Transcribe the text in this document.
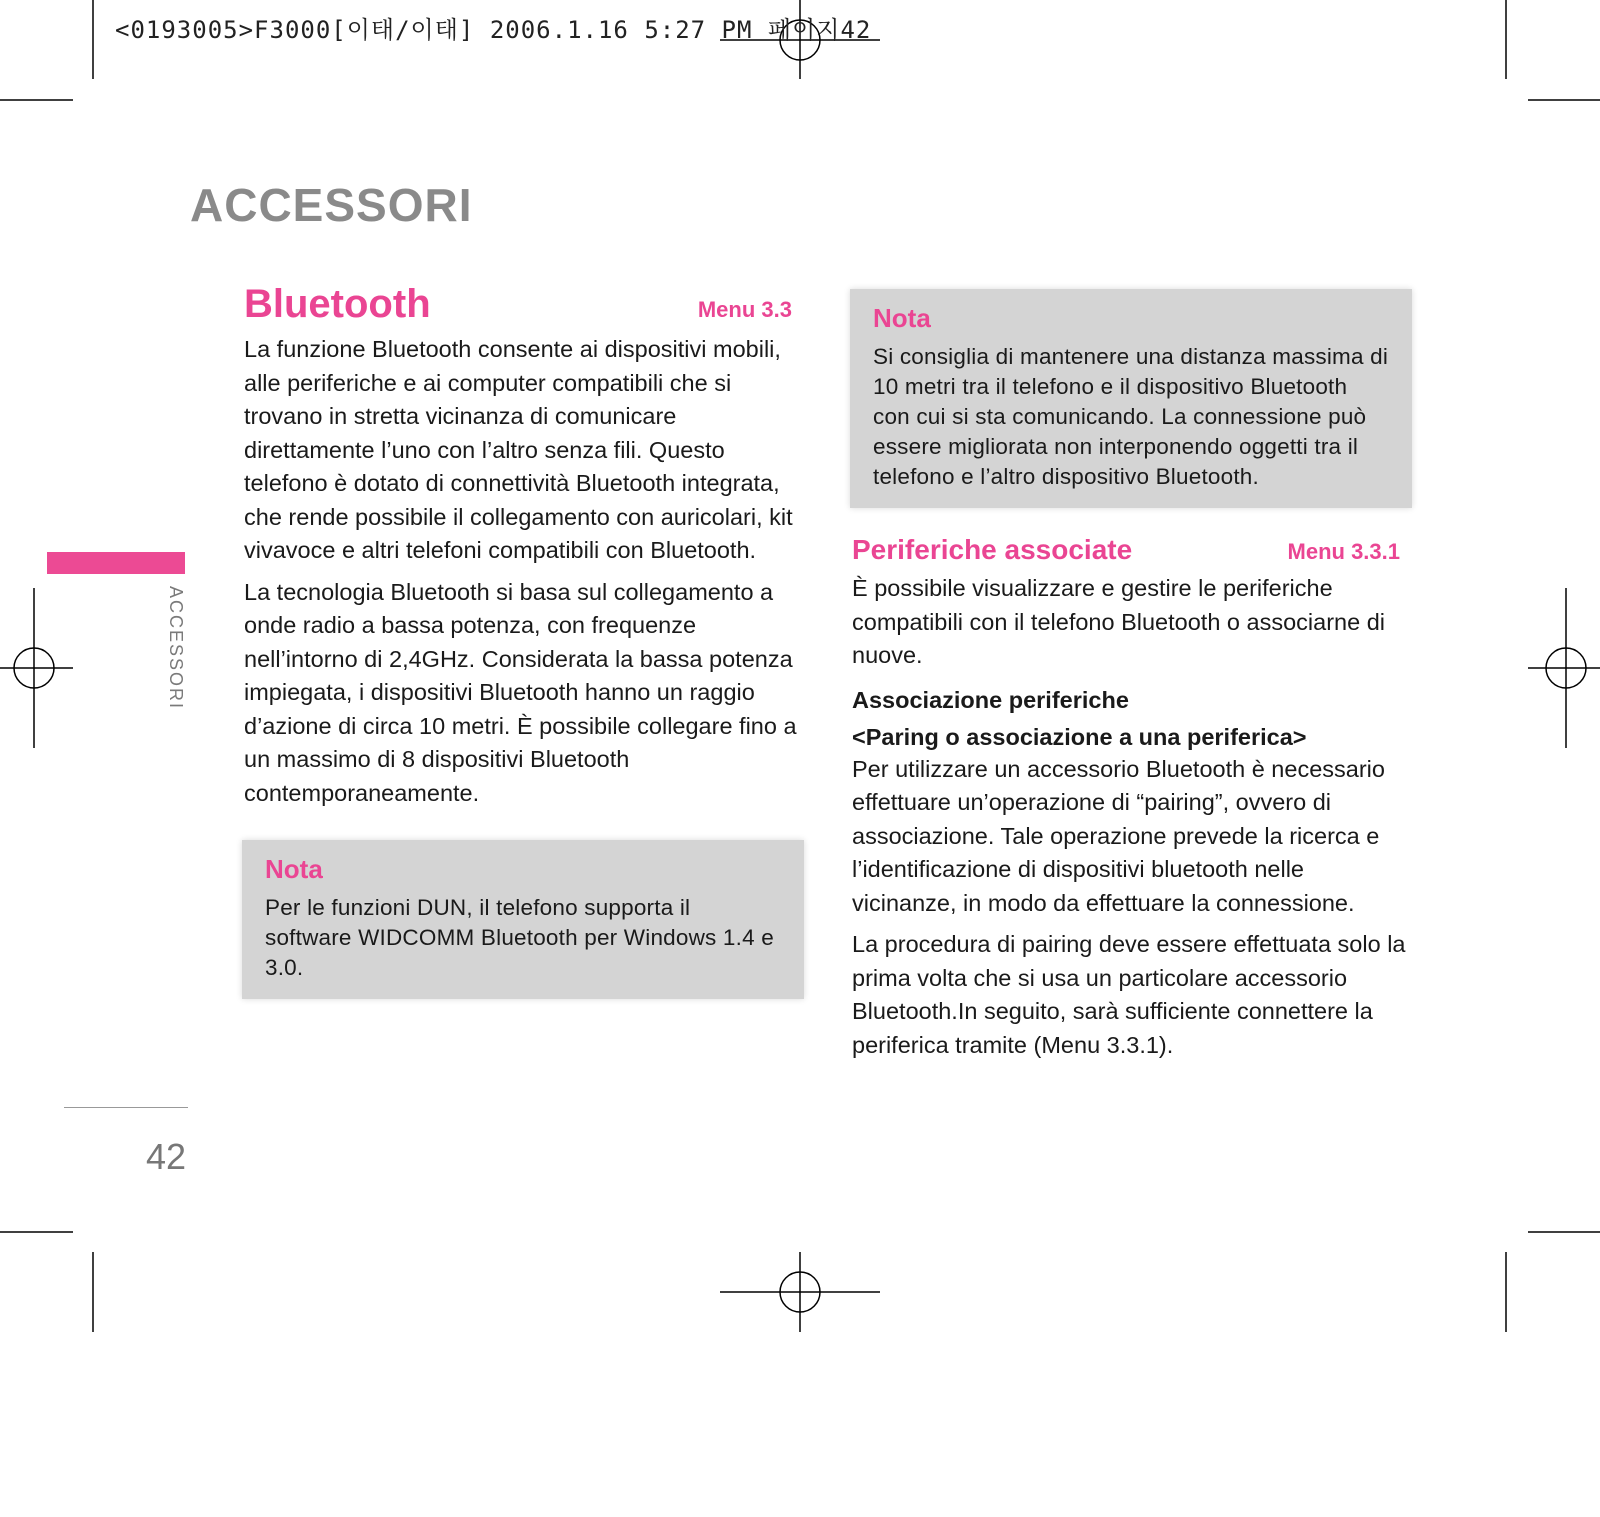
<0193005>F3000[이태/이태] 2006.1.16 5:27 PM 페이지42
ACCESSORI
ACCESSORI
42
Bluetooth	Menu 3.3

La funzione Bluetooth consente ai dispositivi mobili, alle periferiche e ai computer compatibili che si trovano in stretta vicinanza di comunicare direttamente l’uno con l’altro senza fili. Questo telefono è dotato di connettività Bluetooth integrata, che rende possibile il collegamento con auricolari, kit vivavoce e altri telefoni compatibili con Bluetooth.

La tecnologia Bluetooth si basa sul collegamento a onde radio a bassa potenza, con frequenze nell’intorno di 2,4GHz. Considerata la bassa potenza impiegata, i dispositivi Bluetooth hanno un raggio d’azione di circa 10 metri. È possibile collegare fino a un massimo di 8 dispositivi Bluetooth contemporaneamente.

Nota
Per le funzioni DUN, il telefono supporta il software WIDCOMM Bluetooth per Windows 1.4 e 3.0.
Nota
Si consiglia di mantenere una distanza massima di 10 metri tra il telefono e il dispositivo Bluetooth con cui si sta comunicando. La connessione può essere migliorata non interponendo oggetti tra il telefono e l’altro dispositivo Bluetooth.
Periferiche associate	Menu 3.3.1

È possibile visualizzare e gestire le periferiche compatibili con il telefono Bluetooth o associarne di nuove.

Associazione periferiche

<Paring o associazione a una periferica>

Per utilizzare un accessorio Bluetooth è necessario effettuare un’operazione di “pairing”, ovvero di associazione. Tale operazione prevede la ricerca e l’identificazione di dispositivi bluetooth nelle vicinanze, in modo da effettuare la connessione.

La procedura di pairing deve essere effettuata solo la prima volta che si usa un particolare accessorio Bluetooth.In seguito, sarà sufficiente connettere la periferica tramite (Menu 3.3.1).
